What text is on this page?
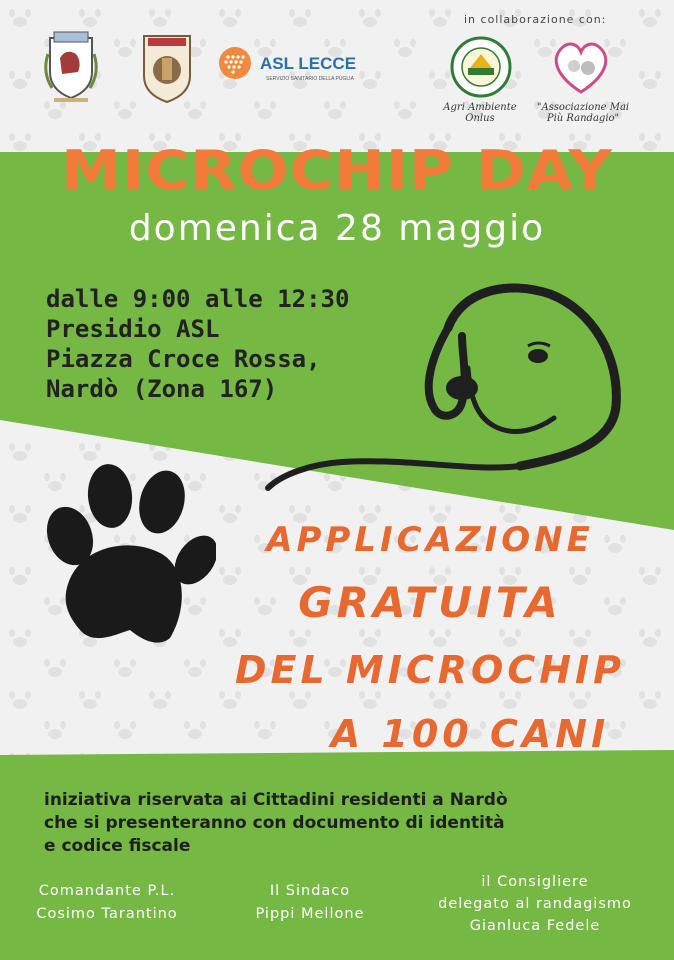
in collaborazione con:
ASL LECCE
SERVIZIO SANITARIO DELLA PUGLIA
Agri Ambiente Onlus
"Associazione Mai Più Randagio"
MICROCHIP DAY
domenica 28 maggio
dalle 9:00 alle 12:30
Presidio ASL
Piazza Croce Rossa,
Nardò (Zona 167)
APPLICAZIONE
GRATUITA
DEL MICROCHIP
A 100 CANI
iniziativa riservata ai Cittadini residenti a Nardò
che si presenteranno con documento di identità
e codice fiscale
Comandante P.L.
Cosimo Tarantino
Il Sindaco
Pippi Mellone
il Consigliere
delegato al randagismo
Gianluca Fedele
